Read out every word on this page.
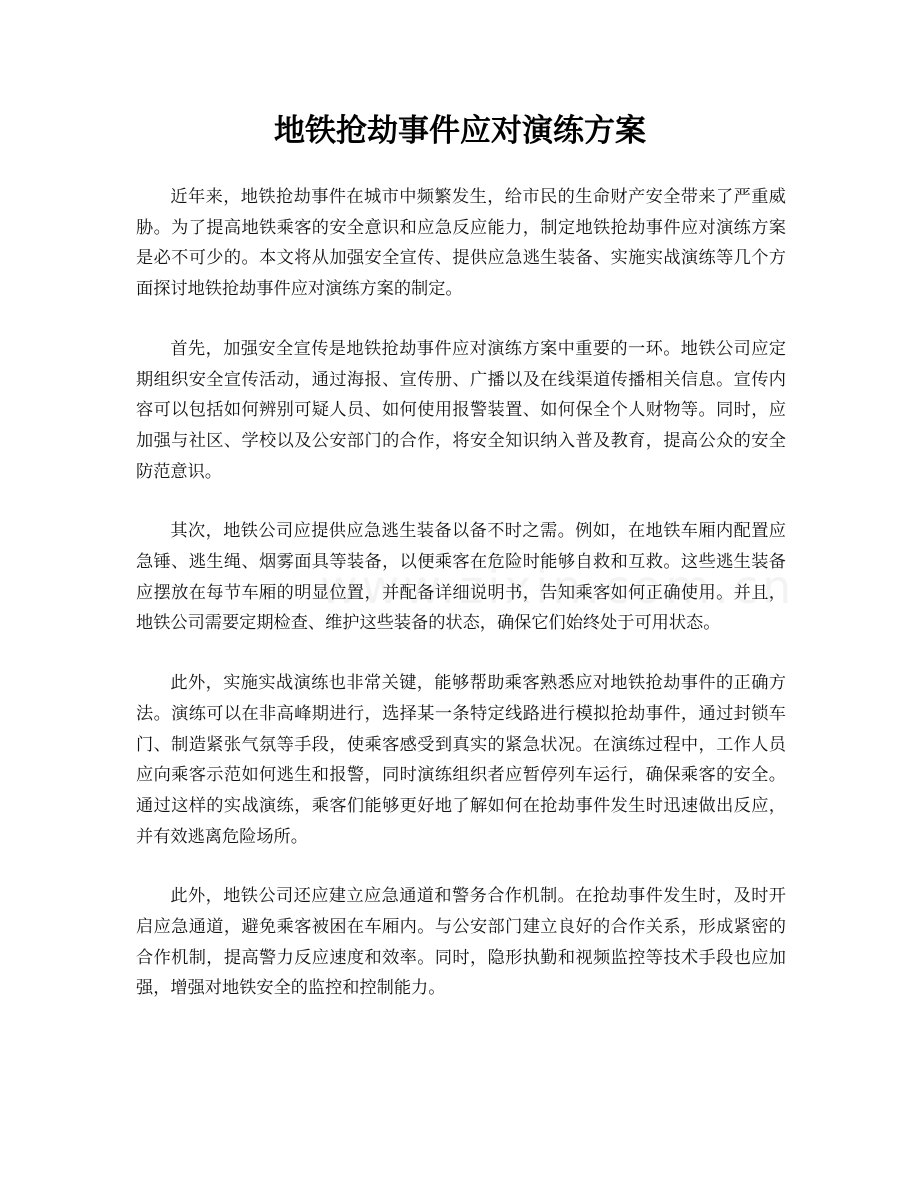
地铁抢劫事件应对演练方案

近年来，地铁抢劫事件在城市中频繁发生，给市民的生命财产安全带来了严重威胁。为了提高地铁乘客的安全意识和应急反应能力，制定地铁抢劫事件应对演练方案是必不可少的。本文将从加强安全宣传、提供应急逃生装备、实施实战演练等几个方面探讨地铁抢劫事件应对演练方案的制定。

首先，加强安全宣传是地铁抢劫事件应对演练方案中重要的一环。地铁公司应定期组织安全宣传活动，通过海报、宣传册、广播以及在线渠道传播相关信息。宣传内容可以包括如何辨别可疑人员、如何使用报警装置、如何保全个人财物等。同时，应加强与社区、学校以及公安部门的合作，将安全知识纳入普及教育，提高公众的安全防范意识。

其次，地铁公司应提供应急逃生装备以备不时之需。例如，在地铁车厢内配置应急锤、逃生绳、烟雾面具等装备，以便乘客在危险时能够自救和互救。这些逃生装备应摆放在每节车厢的明显位置，并配备详细说明书，告知乘客如何正确使用。并且，地铁公司需要定期检查、维护这些装备的状态，确保它们始终处于可用状态。

此外，实施实战演练也非常关键，能够帮助乘客熟悉应对地铁抢劫事件的正确方法。演练可以在非高峰期进行，选择某一条特定线路进行模拟抢劫事件，通过封锁车门、制造紧张气氛等手段，使乘客感受到真实的紧急状况。在演练过程中，工作人员应向乘客示范如何逃生和报警，同时演练组织者应暂停列车运行，确保乘客的安全。通过这样的实战演练，乘客们能够更好地了解如何在抢劫事件发生时迅速做出反应，并有效逃离危险场所。

此外，地铁公司还应建立应急通道和警务合作机制。在抢劫事件发生时，及时开启应急通道，避免乘客被困在车厢内。与公安部门建立良好的合作关系，形成紧密的合作机制，提高警力反应速度和效率。同时，隐形执勤和视频监控等技术手段也应加强，增强对地铁安全的监控和控制能力。
